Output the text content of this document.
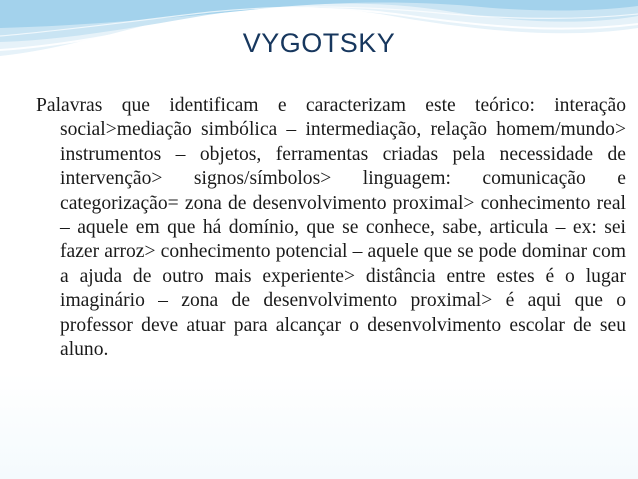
VYGOTSKY

Palavras que identificam e caracterizam este teórico: interação social>mediação simbólica – intermediação, relação homem/mundo> instrumentos – objetos, ferramentas criadas pela necessidade de intervenção> signos/símbolos> linguagem: comunicação e categorização= zona de desenvolvimento proximal> conhecimento real – aquele em que há domínio, que se conhece, sabe, articula – ex: sei fazer arroz> conhecimento potencial – aquele que se pode dominar com a ajuda de outro mais experiente> distância entre estes é o lugar imaginário – zona de desenvolvimento proximal> é aqui que o professor deve atuar para alcançar o desenvolvimento escolar de seu aluno.
